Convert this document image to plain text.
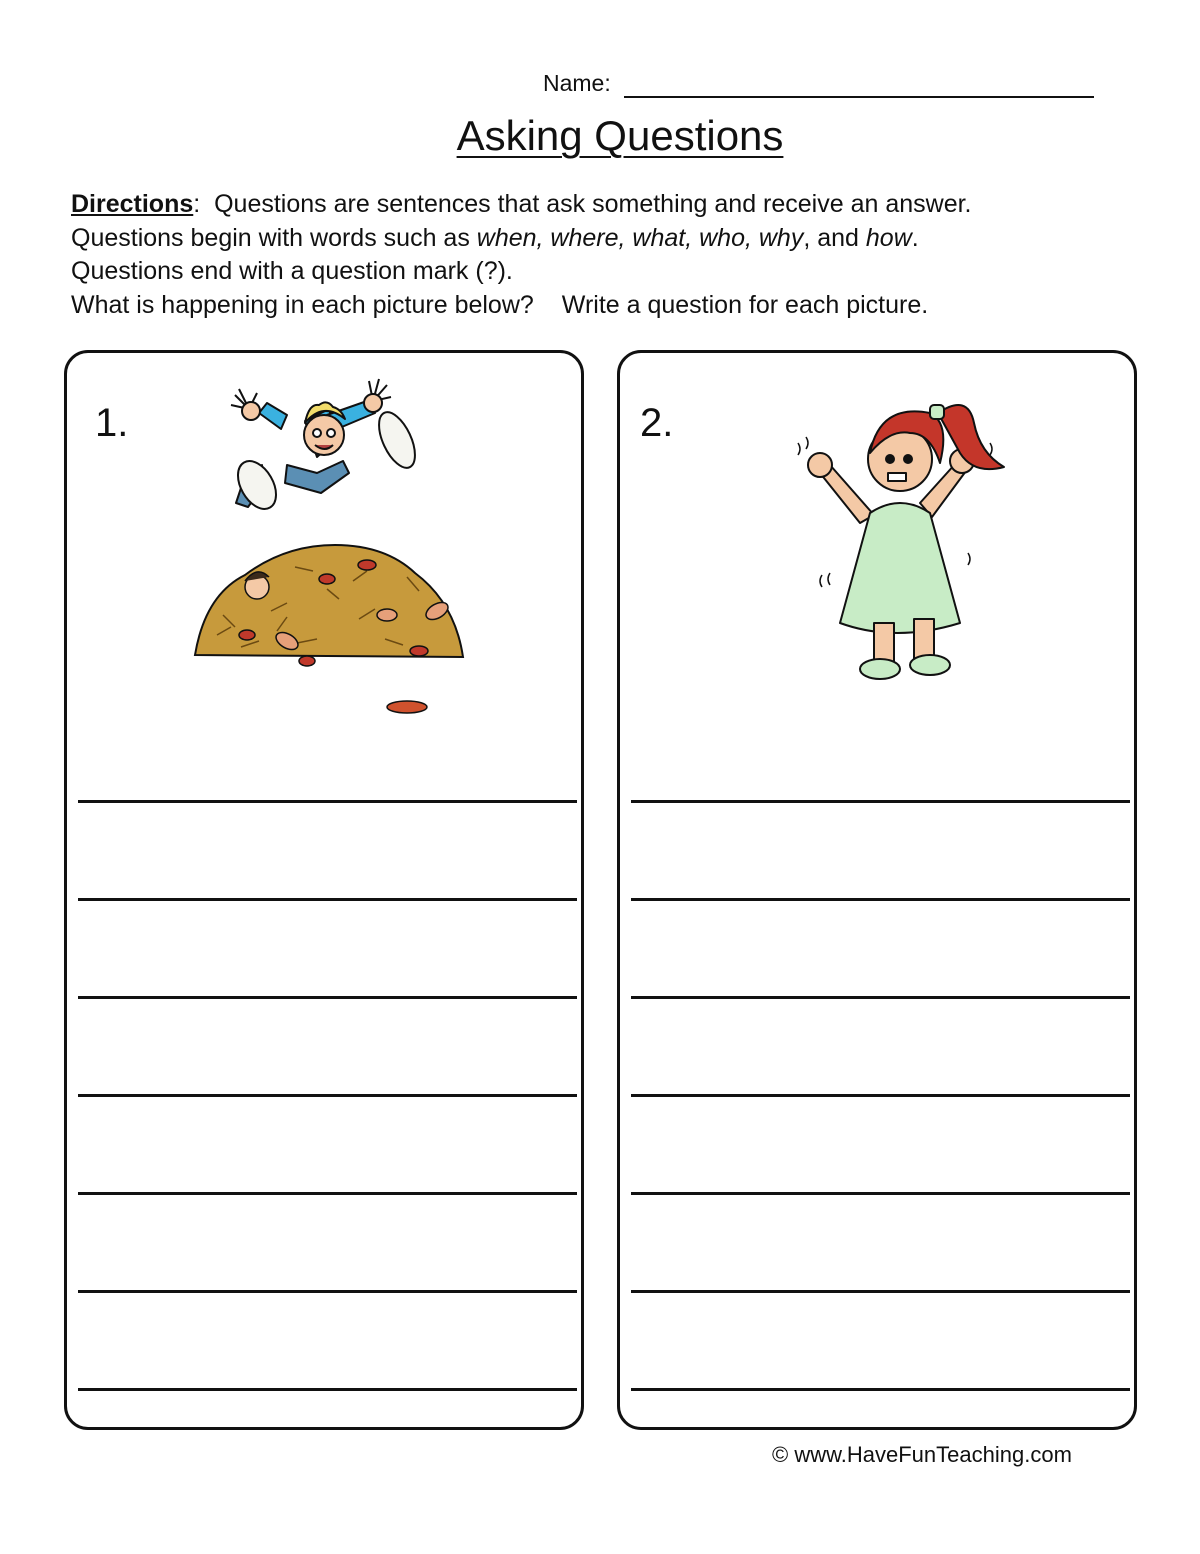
Name:
Asking Questions
Directions:  Questions are sentences that ask something and receive an answer.
Questions begin with words such as when, where, what, who, why, and how.
Questions end with a question mark (?).
What is happening in each picture below? Write a question for each picture.
1.	2.
© www.HaveFunTeaching.com
